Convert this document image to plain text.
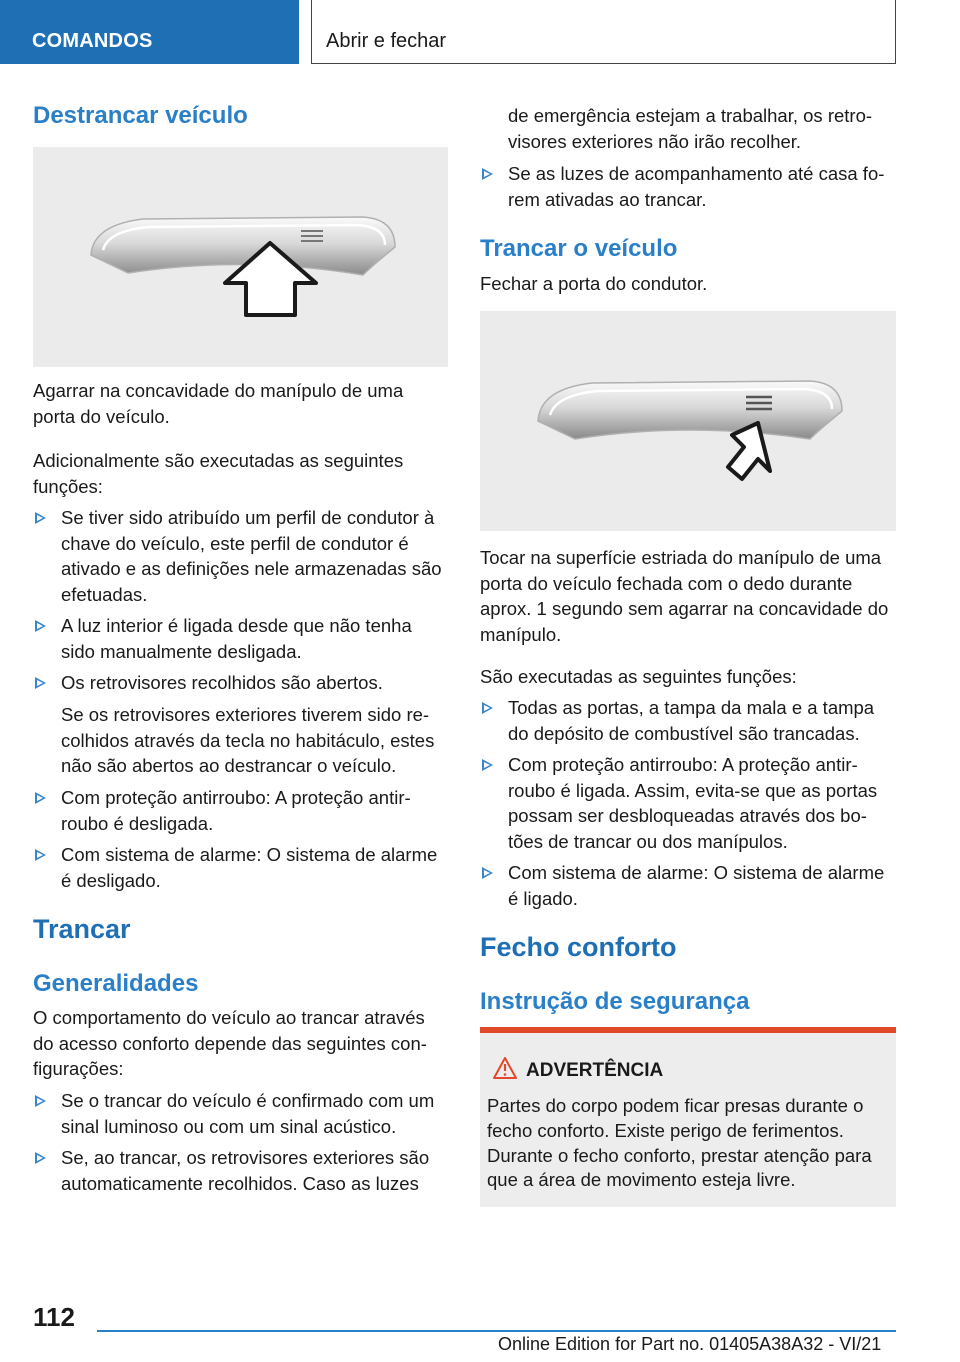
COMANDOS	Abrir e fechar
Destrancar veículo
Agarrar na concavidade do manípulo de uma porta do veículo.
Adicionalmente são executadas as seguintes funções:
Se tiver sido atribuído um perfil de condutor à chave do veículo, este perfil de condutor é ativado e as definições nele armazenadas são efetuadas.
A luz interior é ligada desde que não tenha sido manualmente desligada.
Os retrovisores recolhidos são abertos.
Se os retrovisores exteriores tiverem sido re-colhidos através da tecla no habitáculo, estes não são abertos ao destrancar o veículo.
Com proteção antirroubo: A proteção antir-roubo é desligada.
Com sistema de alarme: O sistema de alarme é desligado.
Trancar
Generalidades
O comportamento do veículo ao trancar através do acesso conforto depende das seguintes con-figurações:
Se o trancar do veículo é confirmado com um sinal luminoso ou com um sinal acústico.
Se, ao trancar, os retrovisores exteriores são automaticamente recolhidos. Caso as luzes
de emergência estejam a trabalhar, os retro-visores exteriores não irão recolher.
Se as luzes de acompanhamento até casa fo-rem ativadas ao trancar.
Trancar o veículo
Fechar a porta do condutor.
Tocar na superfície estriada do manípulo de uma porta do veículo fechada com o dedo durante aprox. 1 segundo sem agarrar na concavidade do manípulo.
São executadas as seguintes funções:
Todas as portas, a tampa da mala e a tampa do depósito de combustível são trancadas.
Com proteção antirroubo: A proteção antir-roubo é ligada. Assim, evita-se que as portas possam ser desbloqueadas através dos bo-tões de trancar ou dos manípulos.
Com sistema de alarme: O sistema de alarme é ligado.
Fecho conforto
Instrução de segurança
ADVERTÊNCIA
Partes do corpo podem ficar presas durante o fecho conforto. Existe perigo de ferimentos. Durante o fecho conforto, prestar atenção para que a área de movimento esteja livre.
112
Online Edition for Part no. 01405A38A32 - VI/21
